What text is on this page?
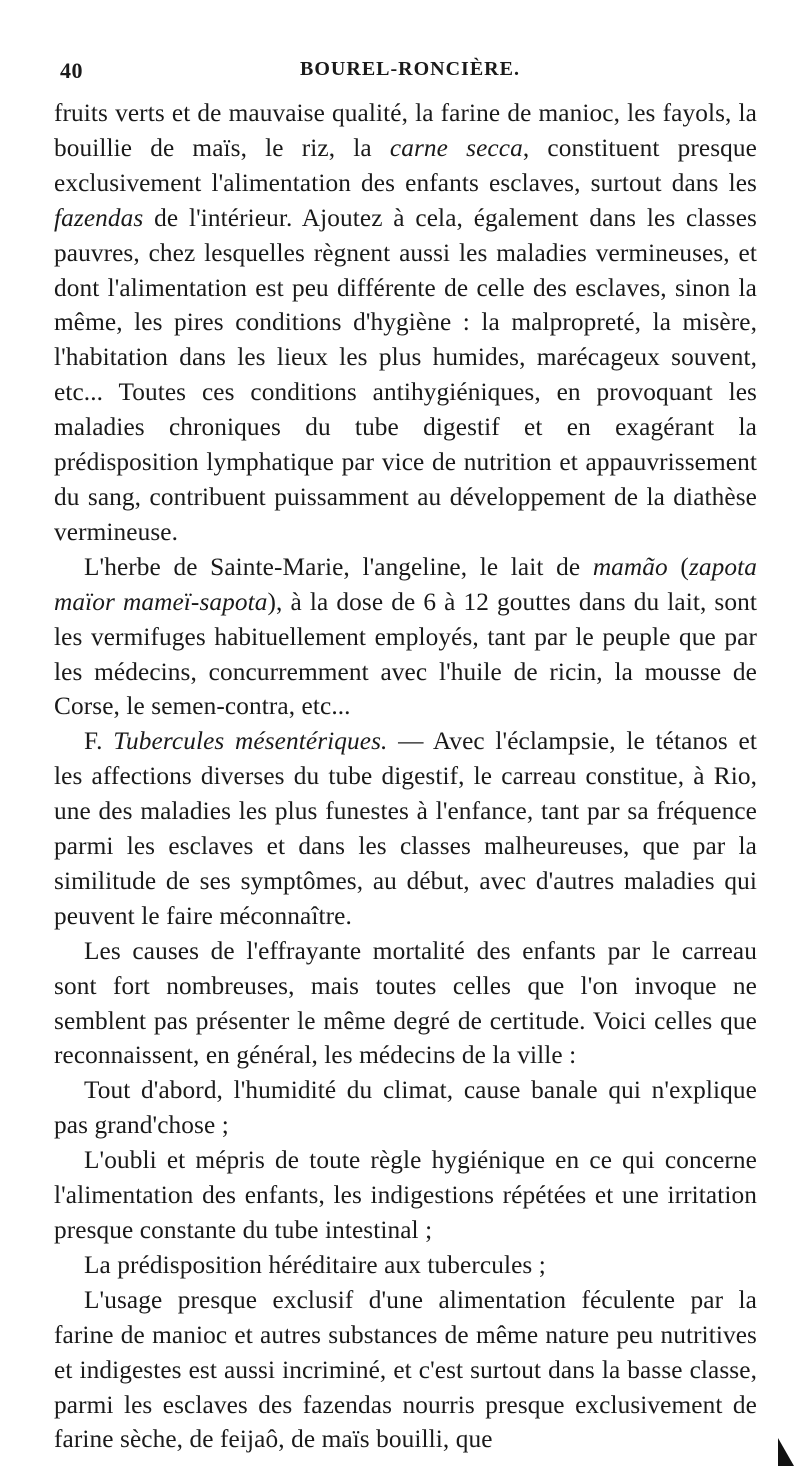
40	BOUREL-RONCIÈRE.

fruits verts et de mauvaise qualité, la farine de manioc, les fayols, la bouillie de maïs, le riz, la carne secca, constituent presque exclusivement l'alimentation des enfants esclaves, surtout dans les fazendas de l'intérieur. Ajoutez à cela, également dans les classes pauvres, chez lesquelles règnent aussi les maladies vermineuses, et dont l'alimentation est peu différente de celle des esclaves, sinon la même, les pires conditions d'hygiène : la malpropreté, la misère, l'habitation dans les lieux les plus humides, marécageux souvent, etc... Toutes ces conditions antihygiéniques, en provoquant les maladies chroniques du tube digestif et en exagérant la prédisposition lymphatique par vice de nutrition et appauvrissement du sang, contribuent puissamment au développement de la diathèse vermineuse.

L'herbe de Sainte-Marie, l'angeline, le lait de mamão (zapota maïor mameï-sapota), à la dose de 6 à 12 gouttes dans du lait, sont les vermifuges habituellement employés, tant par le peuple que par les médecins, concurremment avec l'huile de ricin, la mousse de Corse, le semen-contra, etc...

F. Tubercules mésentériques. — Avec l'éclampsie, le tétanos et les affections diverses du tube digestif, le carreau constitue, à Rio, une des maladies les plus funestes à l'enfance, tant par sa fréquence parmi les esclaves et dans les classes malheureuses, que par la similitude de ses symptômes, au début, avec d'autres maladies qui peuvent le faire méconnaître.

Les causes de l'effrayante mortalité des enfants par le carreau sont fort nombreuses, mais toutes celles que l'on invoque ne semblent pas présenter le même degré de certitude. Voici celles que reconnaissent, en général, les médecins de la ville :

Tout d'abord, l'humidité du climat, cause banale qui n'explique pas grand'chose ;

L'oubli et mépris de toute règle hygiénique en ce qui concerne l'alimentation des enfants, les indigestions répétées et une irritation presque constante du tube intestinal ;

La prédisposition héréditaire aux tubercules ;

L'usage presque exclusif d'une alimentation féculente par la farine de manioc et autres substances de même nature peu nutritives et indigestes est aussi incriminé, et c'est surtout dans la basse classe, parmi les esclaves des fazendas nourris presque exclusivement de farine sèche, de feijaô, de maïs bouilli, que
